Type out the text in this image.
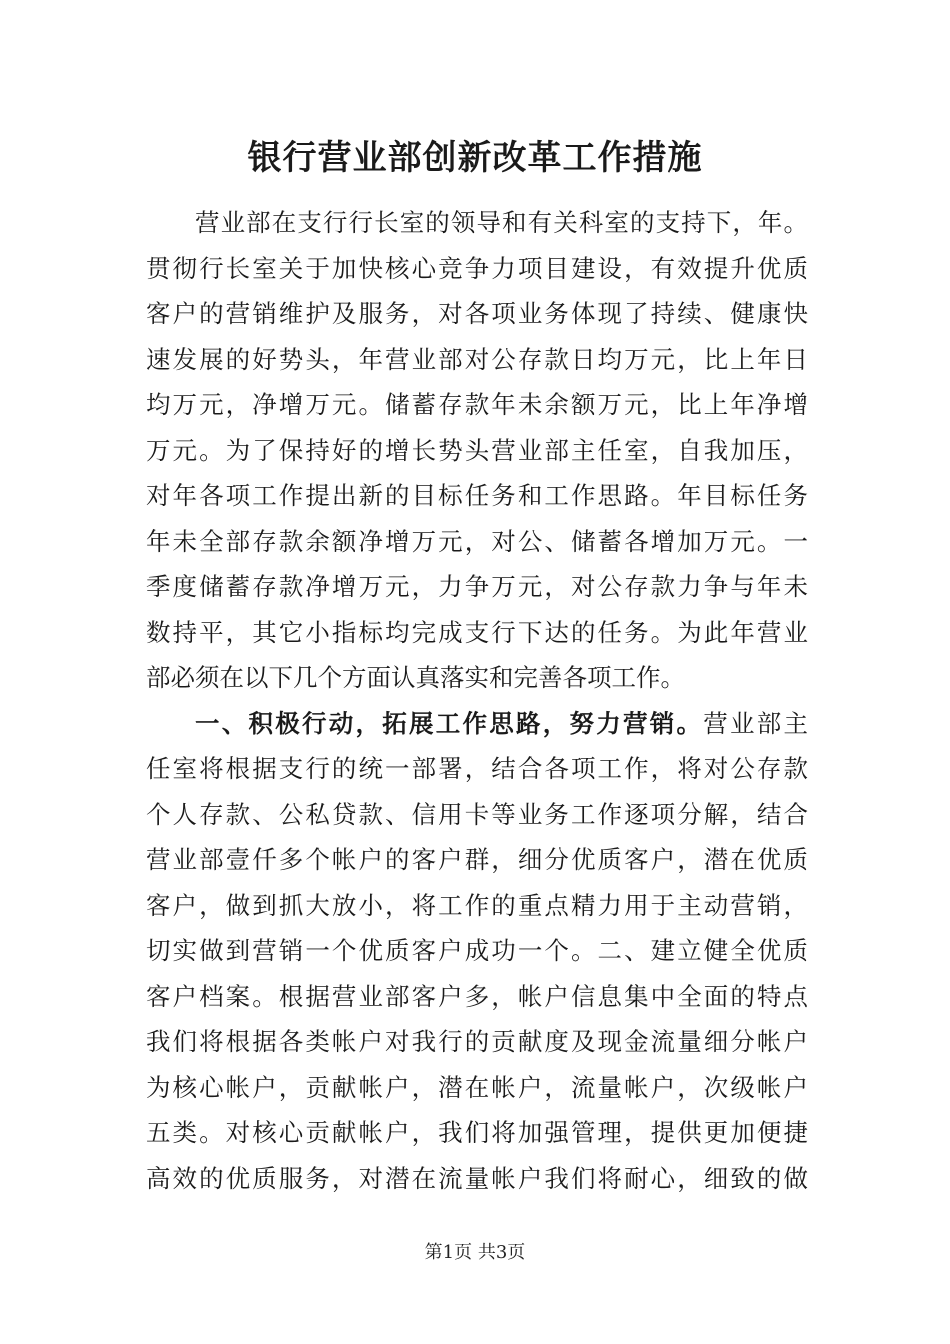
银行营业部创新改革工作措施
营业部在支行行长室的领导和有关科室的支持下，年。
贯彻行长室关于加快核心竞争力项目建设，有效提升优质
客户的营销维护及服务，对各项业务体现了持续、健康快
速发展的好势头，年营业部对公存款日均万元，比上年日
均万元，净增万元。储蓄存款年未余额万元，比上年净增
万元。为了保持好的增长势头营业部主任室，自我加压，
对年各项工作提出新的目标任务和工作思路。年目标任务
年未全部存款余额净增万元，对公、储蓄各增加万元。一
季度储蓄存款净增万元，力争万元，对公存款力争与年未
数持平，其它小指标均完成支行下达的任务。为此年营业
部必须在以下几个方面认真落实和完善各项工作。
一、积极行动，拓展工作思路，努力营销。营业部主
任室将根据支行的统一部署，结合各项工作，将对公存款
个人存款、公私贷款、信用卡等业务工作逐项分解，结合
营业部壹仟多个帐户的客户群，细分优质客户，潜在优质
客户，做到抓大放小，将工作的重点精力用于主动营销，
切实做到营销一个优质客户成功一个。二、建立健全优质
客户档案。根据营业部客户多，帐户信息集中全面的特点
我们将根据各类帐户对我行的贡献度及现金流量细分帐户
为核心帐户，贡献帐户，潜在帐户，流量帐户，次级帐户
五类。对核心贡献帐户，我们将加强管理，提供更加便捷
高效的优质服务，对潜在流量帐户我们将耐心，细致的做
第1页 共3页
